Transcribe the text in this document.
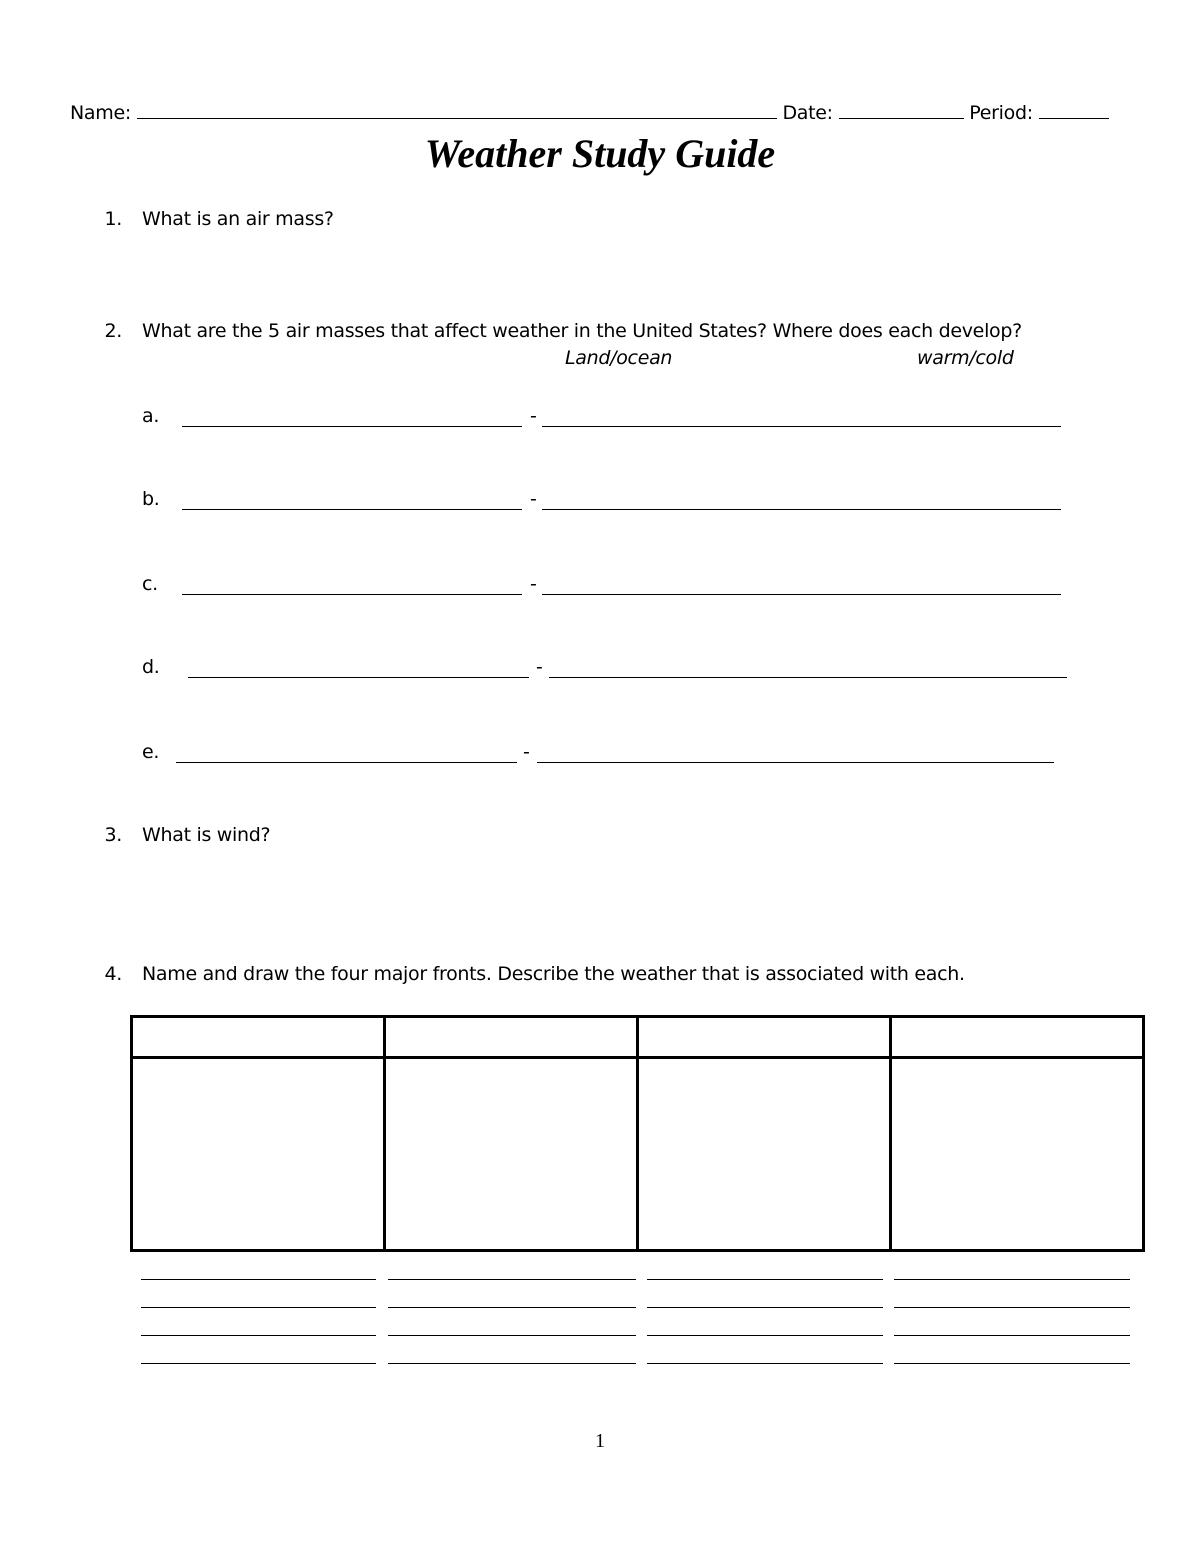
Name:	Date:	Period:
Weather Study Guide
1. What is an air mass?
2. What are the 5 air masses that affect weather in the United States? Where does each develop?
Land/ocean	warm/cold
a.	-
b.	-
c.	-
d.	-
e.	-
3. What is wind?
4. Name and draw the four major fronts. Describe the weather that is associated with each.

1
